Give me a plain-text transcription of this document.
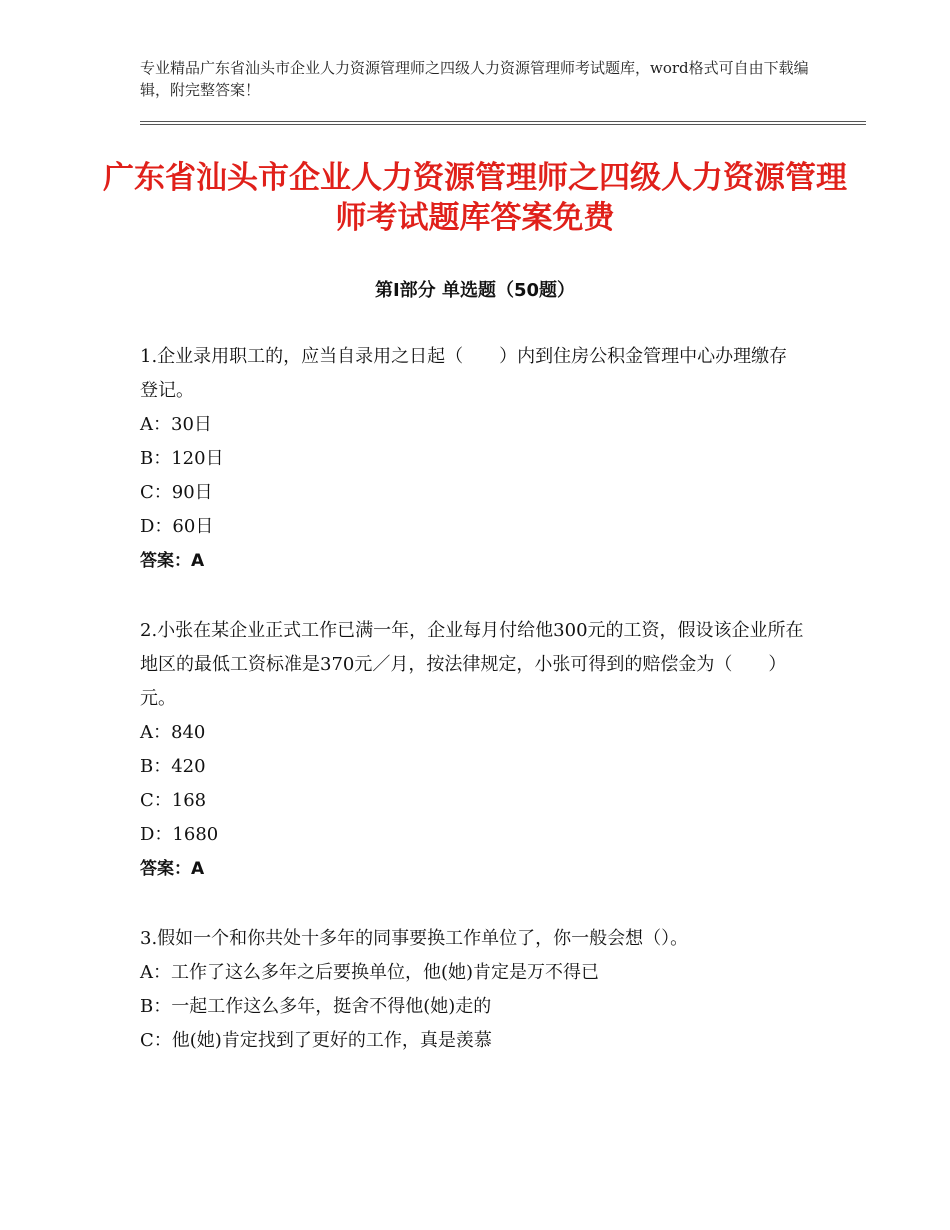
专业精品广东省汕头市企业人力资源管理师之四级人力资源管理师考试题库，word格式可自由下载编辑，附完整答案！
广东省汕头市企业人力资源管理师之四级人力资源管理师考试题库答案免费
第Ⅰ部分 单选题（50题）

1.企业录用职工的，应当自录用之日起（　　）内到住房公积金管理中心办理缴存登记。

A：30日

B：120日

C：90日

D：60日

答案：A

2.小张在某企业正式工作已满一年，企业每月付给他300元的工资，假设该企业所在地区的最低工资标准是370元／月，按法律规定，小张可得到的赔偿金为（　　）元。

A：840

B：420

C：168

D：1680

答案：A

3.假如一个和你共处十多年的同事要换工作单位了，你一般会想（）。

A：工作了这么多年之后要换单位，他(她)肯定是万不得已

B：一起工作这么多年，挺舍不得他(她)走的

C：他(她)肯定找到了更好的工作，真是羡慕
